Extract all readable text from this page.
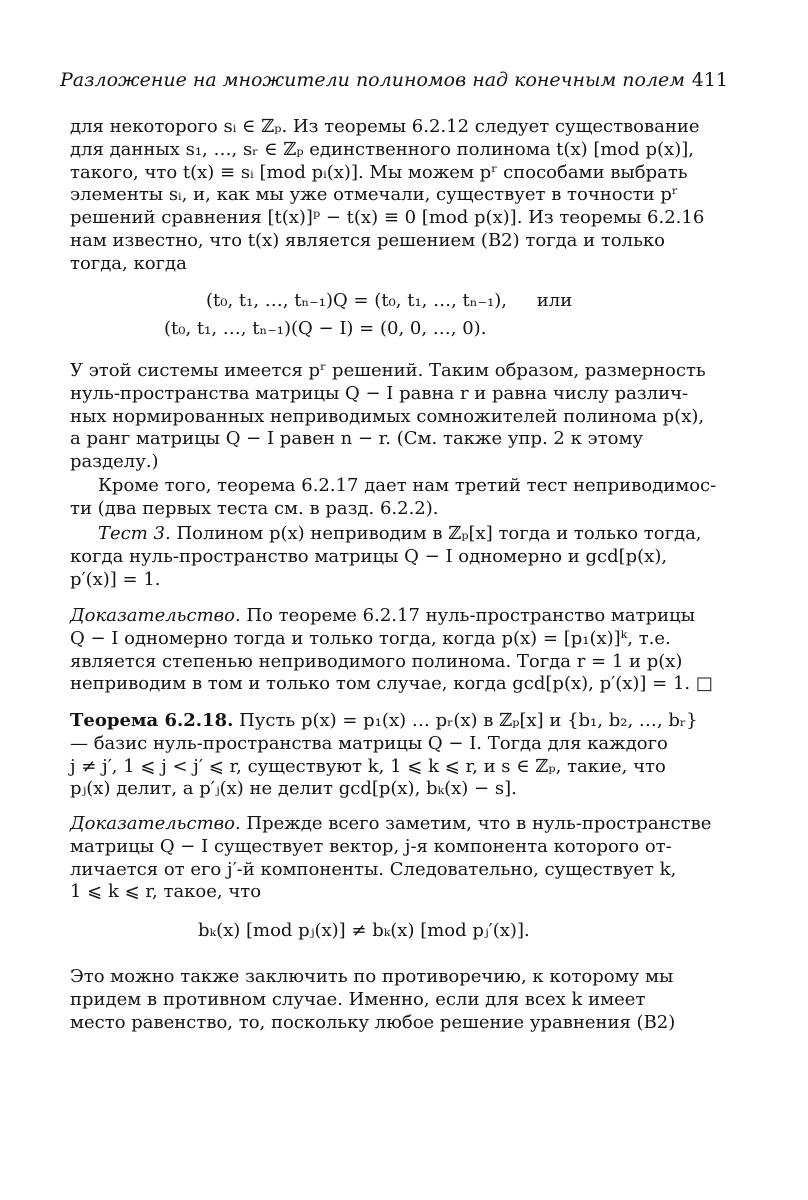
Разложение на множители полиномов над конечным полем 411
для некоторого sᵢ ∈ ℤₚ. Из теоремы 6.2.12 следует существование
для данных s₁, …, sᵣ ∈ ℤₚ единственного полинома t(x) [mod p(x)],
такого, что t(x) ≡ sᵢ [mod pᵢ(x)]. Мы можем pʳ способами выбрать
элементы sᵢ, и, как мы уже отмечали, существует в точности pʳ
решений сравнения [t(x)]ᵖ − t(x) ≡ 0 [mod p(x)]. Из теоремы 6.2.16
нам известно, что t(x) является решением (B2) тогда и только
тогда, когда
(t₀, t₁, …, tₙ₋₁)Q = (t₀, t₁, …, tₙ₋₁), или
(t₀, t₁, …, tₙ₋₁)(Q − I) = (0, 0, …, 0).
У этой системы имеется pʳ решений. Таким образом, размерность
нуль-пространства матрицы Q − I равна r и равна числу различ-
ных нормированных неприводимых сомножителей полинома p(x),
а ранг матрицы Q − I равен n − r. (См. также упр. 2 к этому
разделу.)
Кроме того, теорема 6.2.17 дает нам третий тест неприводимос-
ти (два первых теста см. в разд. 6.2.2).
Тест 3. Полином p(x) неприводим в ℤₚ[x] тогда и только тогда,
когда нуль-пространство матрицы Q − I одномерно и gcd[p(x),
p′(x)] = 1.
Доказательство. По теореме 6.2.17 нуль-пространство матрицы
Q − I одномерно тогда и только тогда, когда p(x) = [p₁(x)]ᵏ, т.е.
является степенью неприводимого полинома. Тогда r = 1 и p(x)
неприводим в том и только том случае, когда gcd[p(x), p′(x)] = 1. □
Теорема 6.2.18. Пусть p(x) = p₁(x) … pᵣ(x) в ℤₚ[x] и {b₁, b₂, …, bᵣ}
— базис нуль-пространства матрицы Q − I. Тогда для каждого
j ≠ j′, 1 ⩽ j < j′ ⩽ r, существуют k, 1 ⩽ k ⩽ r, и s ∈ ℤₚ, такие, что
pⱼ(x) делит, а p′ⱼ(x) не делит gcd[p(x), bₖ(x) − s].
Доказательство. Прежде всего заметим, что в нуль-пространстве
матрицы Q − I существует вектор, j-я компонента которого от-
личается от его j′-й компоненты. Следовательно, существует k,
1 ⩽ k ⩽ r, такое, что
bₖ(x) [mod pⱼ(x)] ≠ bₖ(x) [mod pⱼ′(x)].
Это можно также заключить по противоречию, к которому мы
придем в противном случае. Именно, если для всех k имеет
место равенство, то, поскольку любое решение уравнения (B2)
